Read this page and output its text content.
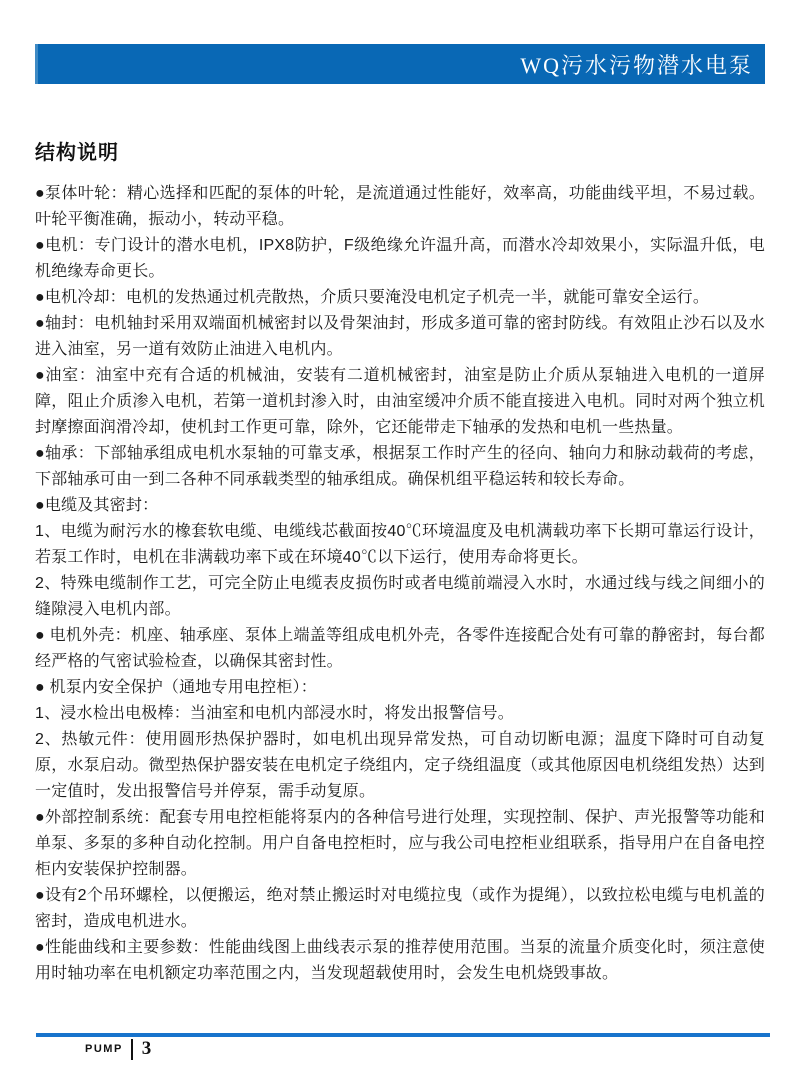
WQ污水污物潜水电泵
结构说明

●泵体叶轮：精心选择和匹配的泵体的叶轮，是流道通过性能好，效率高，功能曲线平坦，不易过载。叶轮平衡准确，振动小，转动平稳。

●电机：专门设计的潜水电机，IPX8防护，F级绝缘允许温升高，而潜水冷却效果小，实际温升低，电机绝缘寿命更长。

●电机冷却：电机的发热通过机壳散热，介质只要淹没电机定子机壳一半，就能可靠安全运行。

●轴封：电机轴封采用双端面机械密封以及骨架油封，形成多道可靠的密封防线。有效阻止沙石以及水进入油室，另一道有效防止油进入电机内。

●油室：油室中充有合适的机械油，安装有二道机械密封，油室是防止介质从泵轴进入电机的一道屏障，阻止介质渗入电机，若第一道机封渗入时，由油室缓冲介质不能直接进入电机。同时对两个独立机封摩擦面润滑冷却，使机封工作更可靠，除外，它还能带走下轴承的发热和电机一些热量。

●轴承：下部轴承组成电机水泵轴的可靠支承，根据泵工作时产生的径向、轴向力和脉动载荷的考虑，下部轴承可由一到二各种不同承载类型的轴承组成。确保机组平稳运转和较长寿命。

●电缆及其密封：

1、电缆为耐污水的橡套软电缆、电缆线芯截面按40℃环境温度及电机满载功率下长期可靠运行设计，若泵工作时，电机在非满载功率下或在环境40℃以下运行，使用寿命将更长。

2、特殊电缆制作工艺，可完全防止电缆表皮损伤时或者电缆前端浸入水时，水通过线与线之间细小的缝隙浸入电机内部。

● 电机外壳：机座、轴承座、泵体上端盖等组成电机外壳，各零件连接配合处有可靠的静密封，每台都经严格的气密试验检查，以确保其密封性。

● 机泵内安全保护（通地专用电控柜）：

1、浸水检出电极棒：当油室和电机内部浸水时，将发出报警信号。

2、热敏元件：使用圆形热保护器时，如电机出现异常发热，可自动切断电源；温度下降时可自动复原，水泵启动。微型热保护器安装在电机定子绕组内，定子绕组温度（或其他原因电机绕组发热）达到一定值时，发出报警信号并停泵，需手动复原。

●外部控制系统：配套专用电控柜能将泵内的各种信号进行处理，实现控制、保护、声光报警等功能和单泵、多泵的多种自动化控制。用户自备电控柜时，应与我公司电控柜业组联系，指导用户在自备电控柜内安装保护控制器。

●设有2个吊环螺栓，以便搬运，绝对禁止搬运时对电缆拉曳（或作为提绳），以致拉松电缆与电机盖的密封，造成电机进水。

●性能曲线和主要参数：性能曲线图上曲线表示泵的推荐使用范围。当泵的流量介质变化时，须注意使用时轴功率在电机额定功率范围之内，当发现超载使用时，会发生电机烧毁事故。

PUMP 3
